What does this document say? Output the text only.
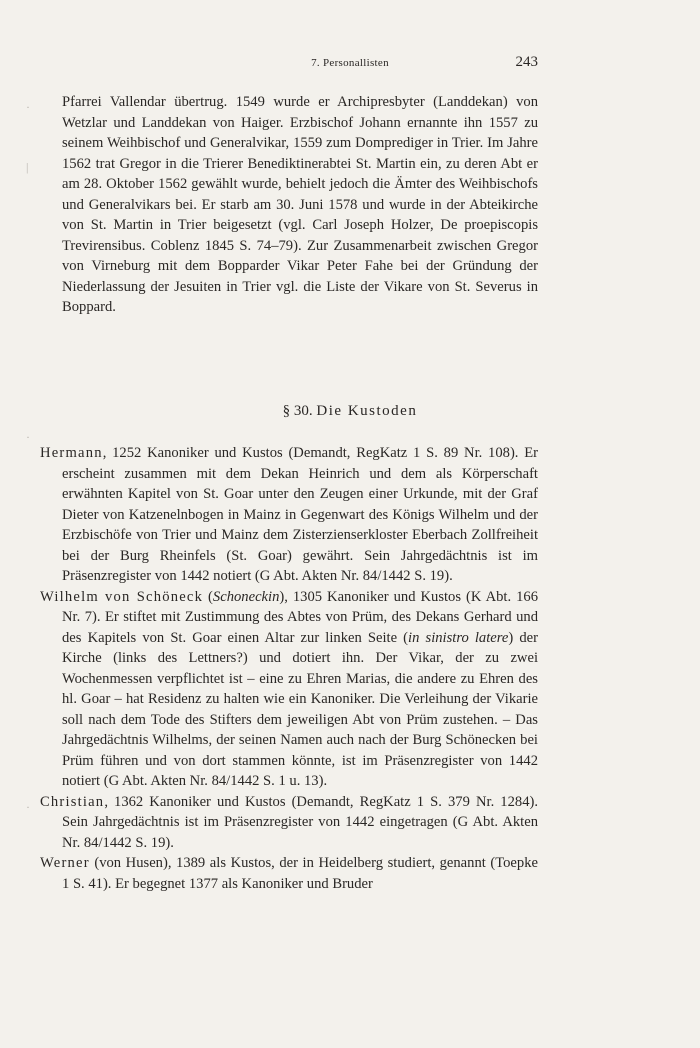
7. Personallisten	243
·
|
·
·

Pfarrei Vallendar übertrug. 1549 wurde er Archipresbyter (Landdekan) von Wetzlar und Landdekan von Haiger. Erzbischof Johann ernannte ihn 1557 zu seinem Weihbischof und Generalvikar, 1559 zum Domprediger in Trier. Im Jahre 1562 trat Gregor in die Trierer Benediktinerabtei St. Martin ein, zu deren Abt er am 28. Oktober 1562 gewählt wurde, behielt jedoch die Ämter des Weihbischofs und Generalvikars bei. Er starb am 30. Juni 1578 und wurde in der Abteikirche von St. Martin in Trier beigesetzt (vgl. Carl Joseph Holzer, De proepiscopis Trevirensibus. Coblenz 1845 S. 74–79). Zur Zusammenarbeit zwischen Gregor von Virneburg mit dem Bopparder Vikar Peter Fahe bei der Gründung der Niederlassung der Jesuiten in Trier vgl. die Liste der Vikare von St. Severus in Boppard.

§ 30. Die Kustoden

Hermann, 1252 Kanoniker und Kustos (Demandt, RegKatz 1 S. 89 Nr. 108). Er erscheint zusammen mit dem Dekan Heinrich und dem als Körperschaft erwähnten Kapitel von St. Goar unter den Zeugen einer Urkunde, mit der Graf Dieter von Katzenelnbogen in Mainz in Gegenwart des Königs Wilhelm und der Erzbischöfe von Trier und Mainz dem Zisterzienserkloster Eberbach Zollfreiheit bei der Burg Rheinfels (St. Goar) gewährt. Sein Jahrgedächtnis ist im Präsenzregister von 1442 notiert (G Abt. Akten Nr. 84/1442 S. 19).

Wilhelm von Schöneck (Schoneckin), 1305 Kanoniker und Kustos (K Abt. 166 Nr. 7). Er stiftet mit Zustimmung des Abtes von Prüm, des Dekans Gerhard und des Kapitels von St. Goar einen Altar zur linken Seite (in sinistro latere) der Kirche (links des Lettners?) und dotiert ihn. Der Vikar, der zu zwei Wochenmessen verpflichtet ist – eine zu Ehren Marias, die andere zu Ehren des hl. Goar – hat Residenz zu halten wie ein Kanoniker. Die Verleihung der Vikarie soll nach dem Tode des Stifters dem jeweiligen Abt von Prüm zustehen. – Das Jahrgedächtnis Wilhelms, der seinen Namen auch nach der Burg Schönecken bei Prüm führen und von dort stammen könnte, ist im Präsenzregister von 1442 notiert (G Abt. Akten Nr. 84/1442 S. 1 u. 13).

Christian, 1362 Kanoniker und Kustos (Demandt, RegKatz 1 S. 379 Nr. 1284). Sein Jahrgedächtnis ist im Präsenzregister von 1442 eingetragen (G Abt. Akten Nr. 84/1442 S. 19).

Werner (von Husen), 1389 als Kustos, der in Heidelberg studiert, genannt (Toepke 1 S. 41). Er begegnet 1377 als Kanoniker und Bruder
